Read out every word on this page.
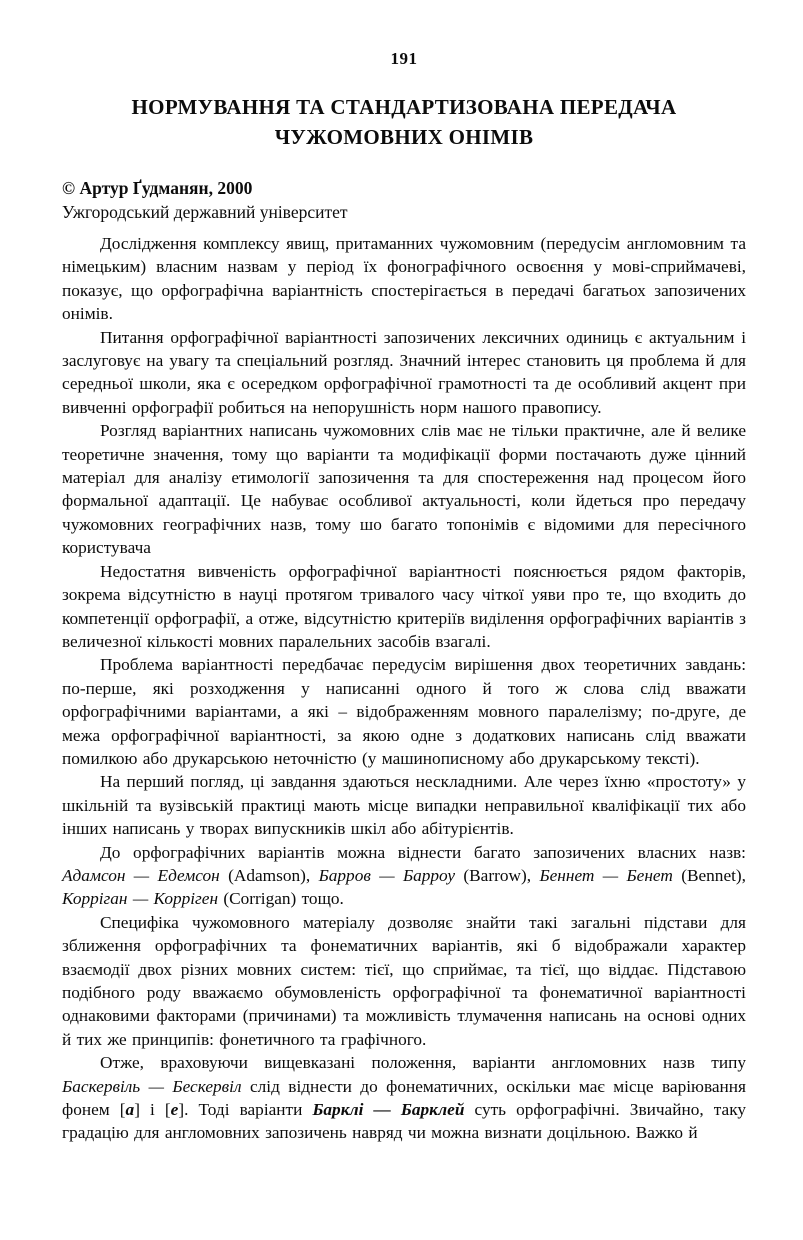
191
НОРМУВАННЯ ТА СТАНДАРТИЗОВАНА ПЕРЕДАЧА
ЧУЖОМОВНИХ ОНІМІВ
© Артур Ґудманян, 2000
Ужгородський державний університет

Дослідження комплексу явищ, притаманних чужомовним (передусім англомовним та німецьким) власним назвам у період їх фонографічного освоєння у мові-сприймачеві, показує, що орфографічна варіантність спостерігається в передачі багатьох запозичених онімів.

Питання орфографічної варіантності запозичених лексичних одиниць є актуальним і заслуговує на увагу та спеціальний розгляд. Значний інтерес становить ця проблема й для середньої школи, яка є осередком орфографічної грамотності та де особливий акцент при вивченні орфографії робиться на непорушність норм нашого правопису.

Розгляд варіантних написань чужомовних слів має не тільки практичне, але й велике теоретичне значення, тому що варіанти та модифікації форми постачають дуже цінний матеріал для аналізу етимології запозичення та для спостереження над процесом його формальної адаптації. Це набуває особливої актуальності, коли йдеться про передачу чужомовних географічних назв, тому шо багато топонімів є відомими для пересічного користувача

Недостатня вивченість орфографічної варіантності пояснюється рядом факторів, зокрема відсутністю в науці протягом тривалого часу чіткої уяви про те, що входить до компетенції орфографії, а отже, відсутністю критеріїв виділення орфографічних варіантів з величезної кількості мовних паралельних засобів взагалі.

Проблема варіантності передбачає передусім вирішення двох теоретичних завдань: по-перше, які розходження у написанні одного й того ж слова слід вважати орфографічними варіантами, а які – відображенням мовного паралелізму; по-друге, де межа орфографічної варіантності, за якою одне з додаткових написань слід вважати помилкою або друкарською неточністю (у машинописному або друкарському тексті).

На перший погляд, ці завдання здаються нескладними. Але через їхню «простоту» у шкільній та вузівській практиці мають місце випадки неправильної кваліфікації тих або інших написань у творах випускників шкіл або абітурієнтів.

До орфографічних варіантів можна віднести багато запозичених власних назв: Адамсон — Едемсон (Adamson), Барров — Барроу (Barrow), Беннет — Бенет (Bennet), Корріган — Корріген (Corrigan) тощо.

Специфіка чужомовного матеріалу дозволяє знайти такі загальні підстави для зближення орфографічних та фонематичних варіантів, які б відображали характер взаємодії двох різних мовних систем: тієї, що сприймає, та тієї, що віддає. Підставою подібного роду вважаємо обумовленість орфографічної та фонематичної варіантності однаковими факторами (причинами) та можливість тлумачення написань на основі одних й тих же принципів: фонетичного та графічного.

Отже, враховуючи вищевказані положення, варіанти англомовних назв типу Баскервіль — Бескервіл слід віднести до фонематичних, оскільки має місце варіювання фонем [а] і [е]. Тоді варіанти Барклі — Барклей суть орфографічні. Звичайно, таку градацію для англомовних запозичень навряд чи можна визнати доцільною. Важко й
